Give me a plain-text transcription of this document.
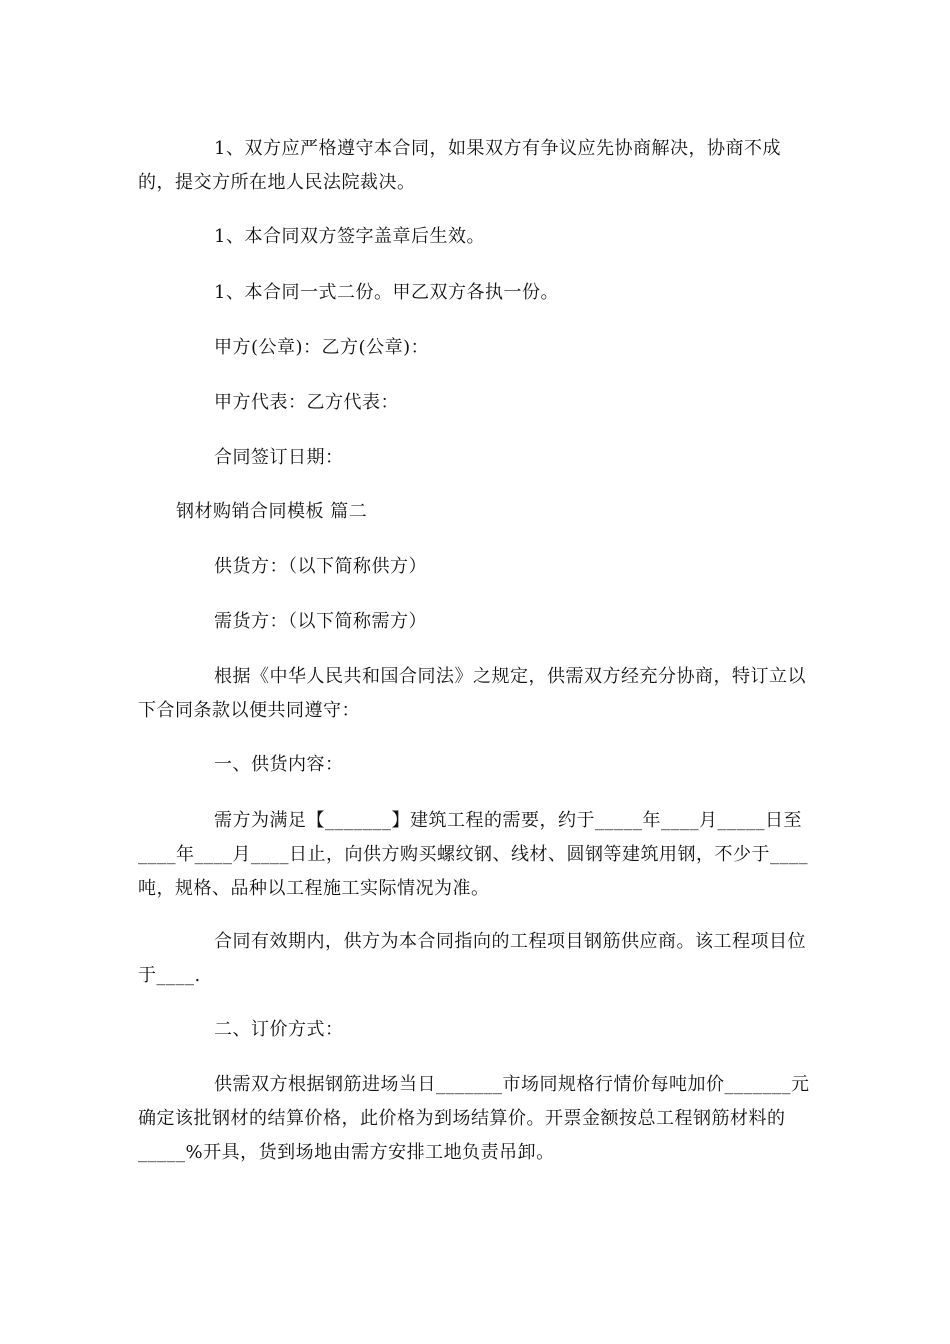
1、双方应严格遵守本合同，如果双方有争议应先协商解决，协商不成的，提交方所在地人民法院裁决。

1、本合同双方签字盖章后生效。

1、本合同一式二份。甲乙双方各执一份。

甲方(公章)：乙方(公章)：

甲方代表：乙方代表：

合同签订日期：

钢材购销合同模板 篇二

供货方：（以下简称供方）

需货方：（以下简称需方）

根据《中华人民共和国合同法》之规定，供需双方经充分协商，特订立以下合同条款以便共同遵守：

一、供货内容：

需方为满足【_______】建筑工程的需要，约于_____年____月_____日至____年____月____日止，向供方购买螺纹钢、线材、圆钢等建筑用钢，不少于____吨，规格、品种以工程施工实际情况为准。

合同有效期内，供方为本合同指向的工程项目钢筋供应商。该工程项目位于____.

二、订价方式：

供需双方根据钢筋进场当日_______市场同规格行情价每吨加价_______元确定该批钢材的结算价格，此价格为到场结算价。开票金额按总工程钢筋材料的_____%开具，货到场地由需方安排工地负责吊卸。
